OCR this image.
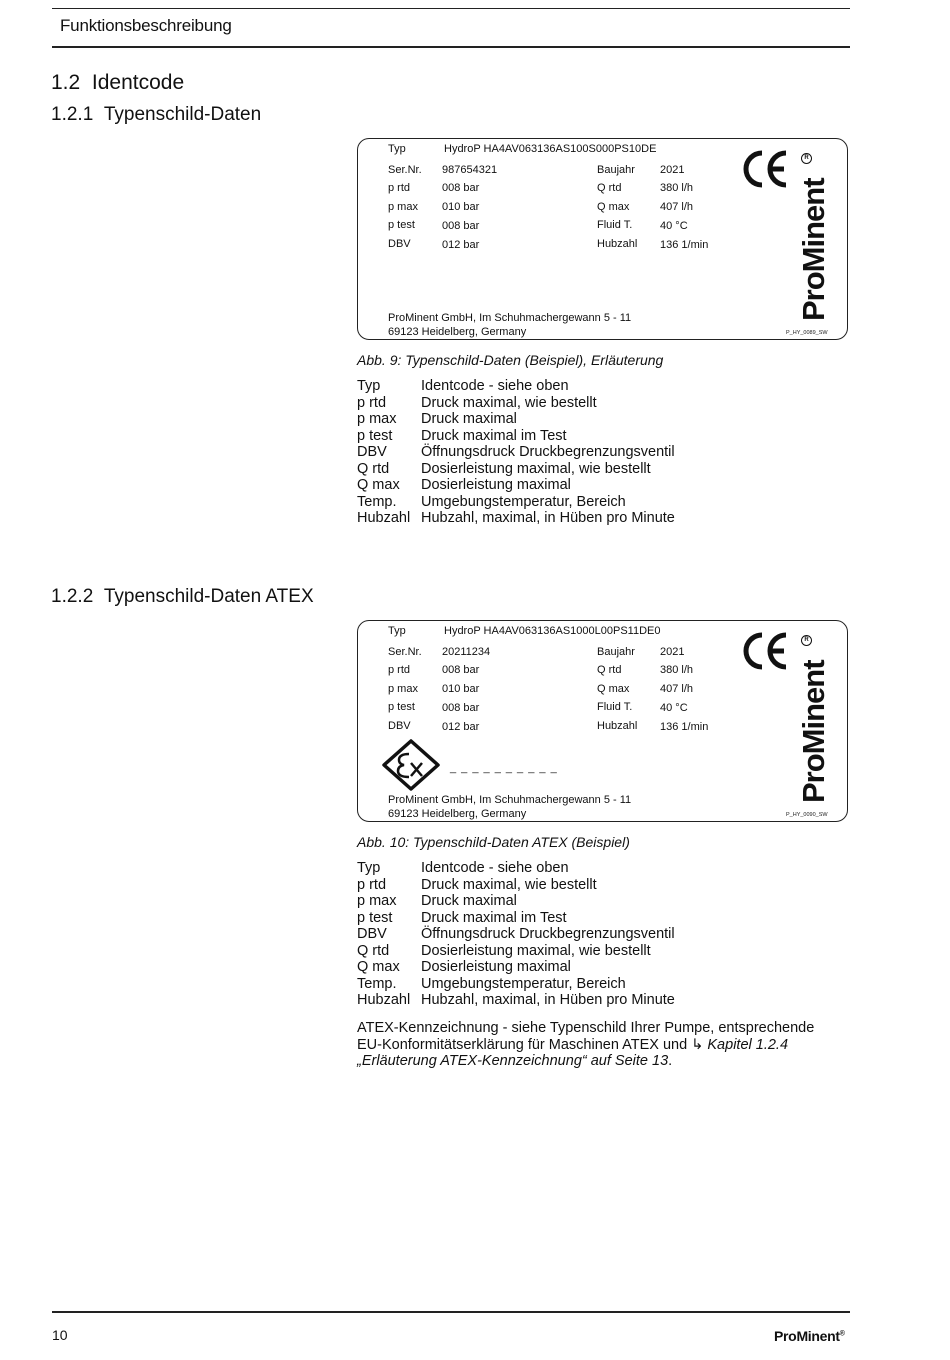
Funktionsbeschreibung
1.2 Identcode
1.2.1 Typenschild-Daten
Typ	HydroP HA4AV063136AS100S000PS10DE
Ser.Nr. 987654321	Baujahr 2021
p rtd	008 bar	Q rtd	380 l/h
p max 010 bar	Q max	407 l/h
p test 008 bar	Fluid T.	40 °C
DBV	012 bar	Hubzahl 136 1/min
ProMinent GmbH, Im Schuhmachergewann 5 - 11
69123 Heidelberg, Germany
R
ProMinent
P_HY_0089_SW
Abb. 9: Typenschild-Daten (Beispiel), Erläuterung
Typ	Identcode - siehe oben
p rtd Druck maximal, wie bestellt
p max Druck maximal
p test Druck maximal im Test
DBV Öffnungsdruck Druckbegrenzungsventil
Q rtd Dosierleistung maximal, wie bestellt
Q max Dosierleistung maximal
Temp. Umgebungstemperatur, Bereich
Hubzahl Hubzahl, maximal, in Hüben pro Minute
1.2.2 Typenschild-Daten ATEX
Typ	HydroP HA4AV063136AS1000L00PS11DE0
Ser.Nr. 20211234	Baujahr 2021
p rtd	008 bar	Q rtd	380 l/h
p max 010 bar	Q max	407 l/h
p test 008 bar	Fluid T.	40 °C
DBV	012 bar	Hubzahl 136 1/min
_ _ _ _ _ _ _ _ _ _
ProMinent GmbH, Im Schuhmachergewann 5 - 11
69123 Heidelberg, Germany
R
ProMinent
P_HY_0090_SW
Abb. 10: Typenschild-Daten ATEX (Beispiel)
Typ	Identcode - siehe oben
p rtd Druck maximal, wie bestellt
p max Druck maximal
p test Druck maximal im Test
DBV Öffnungsdruck Druckbegrenzungsventil
Q rtd Dosierleistung maximal, wie bestellt
Q max Dosierleistung maximal
Temp. Umgebungstemperatur, Bereich
Hubzahl Hubzahl, maximal, in Hüben pro Minute
ATEX-Kennzeichnung - siehe Typenschild Ihrer Pumpe, entsprechende EU-Konformitätserklärung für Maschinen ATEX und ↳ Kapitel 1.2.4 „Erläuterung ATEX-Kennzeichnung“ auf Seite 13.
10	ProMinent®
